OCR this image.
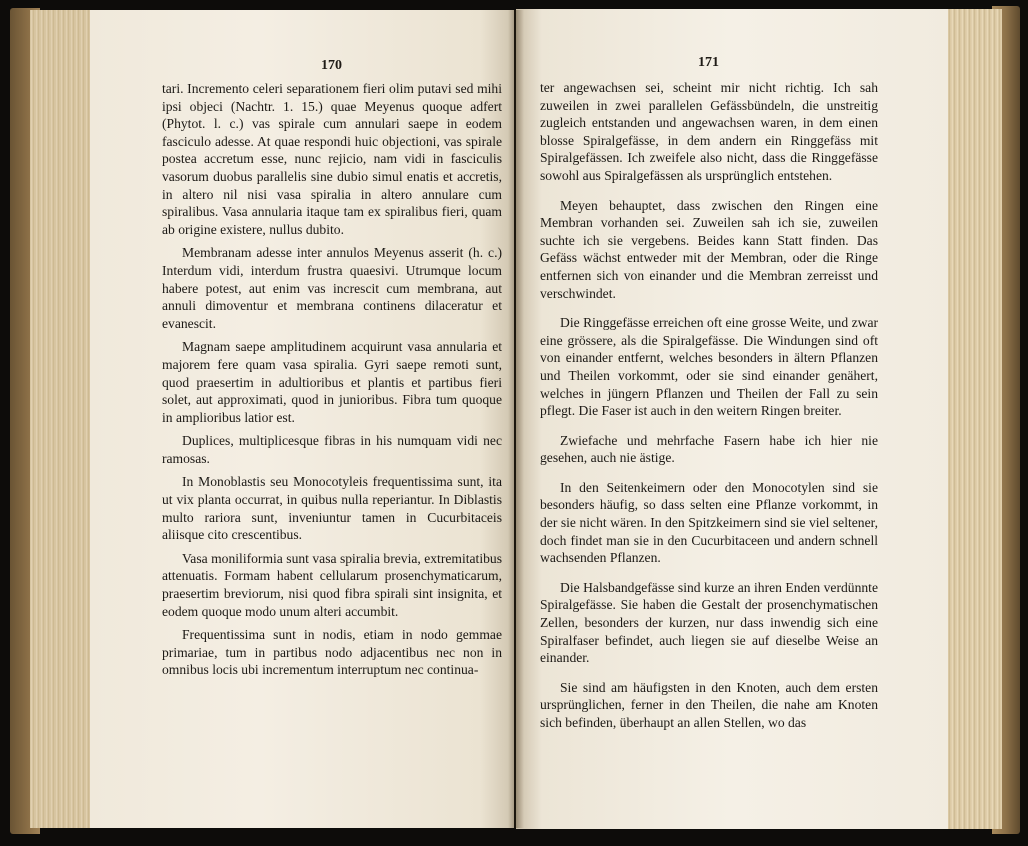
170

tari. Incremento celeri separationem fieri olim putavi sed mihi ipsi objeci (Nachtr. 1. 15.) quae Meyenus quoque adfert (Phytot. l. c.) vas spirale cum annulari saepe in eodem fasciculo adesse. At quae respondi huic objectioni, vas spirale postea accretum esse, nunc rejicio, nam vidi in fasciculis vasorum duobus parallelis sine dubio simul enatis et accretis, in altero nil nisi vasa spiralia in altero annulare cum spiralibus. Vasa annularia itaque tam ex spiralibus fieri, quam ab origine existere, nullus dubito.

Membranam adesse inter annulos Meyenus asserit (h. c.) Interdum vidi, interdum frustra quaesivi. Utrumque locum habere potest, aut enim vas increscit cum membrana, aut annuli dimoventur et membrana continens dilaceratur et evanescit.

Magnam saepe amplitudinem acquirunt vasa annularia et majorem fere quam vasa spiralia. Gyri saepe remoti sunt, quod praesertim in adultioribus et plantis et partibus fieri solet, aut approximati, quod in junioribus. Fibra tum quoque in amplioribus latior est.

Duplices, multiplicesque fibras in his numquam vidi nec ramosas.

In Monoblastis seu Monocotyleis frequentissima sunt, ita ut vix planta occurrat, in quibus nulla reperiantur. In Diblastis multo rariora sunt, inveniuntur tamen in Cucurbitaceis aliisque cito crescentibus.

Vasa moniliformia sunt vasa spiralia brevia, extremitatibus attenuatis. Formam habent cellularum prosenchymaticarum, praesertim breviorum, nisi quod fibra spirali sint insignita, et eodem quoque modo unum alteri accumbit.

Frequentissima sunt in nodis, etiam in nodo gemmae primariae, tum in partibus nodo adjacentibus nec non in omnibus locis ubi incrementum interruptum nec continua-

171

ter angewachsen sei, scheint mir nicht richtig. Ich sah zuweilen in zwei parallelen Gefässbündeln, die unstreitig zugleich entstanden und angewachsen waren, in dem einen blosse Spiralgefässe, in dem andern ein Ringgefäss mit Spiralgefässen. Ich zweifele also nicht, dass die Ringgefässe sowohl aus Spiralgefässen als ursprünglich entstehen.

Meyen behauptet, dass zwischen den Ringen eine Membran vorhanden sei. Zuweilen sah ich sie, zuweilen suchte ich sie vergebens. Beides kann Statt finden. Das Gefäss wächst entweder mit der Membran, oder die Ringe entfernen sich von einander und die Membran zerreisst und verschwindet.

Die Ringgefässe erreichen oft eine grosse Weite, und zwar eine grössere, als die Spiralgefässe. Die Windungen sind oft von einander entfernt, welches besonders in ältern Pflanzen und Theilen vorkommt, oder sie sind einander genähert, welches in jüngern Pflanzen und Theilen der Fall zu sein pflegt. Die Faser ist auch in den weitern Ringen breiter.

Zwiefache und mehrfache Fasern habe ich hier nie gesehen, auch nie ästige.

In den Seitenkeimern oder den Monocotylen sind sie besonders häufig, so dass selten eine Pflanze vorkommt, in der sie nicht wären. In den Spitzkeimern sind sie viel seltener, doch findet man sie in den Cucurbitaceen und andern schnell wachsenden Pflanzen.

Die Halsbandgefässe sind kurze an ihren Enden verdünnte Spiralgefässe. Sie haben die Gestalt der prosenchymatischen Zellen, besonders der kurzen, nur dass inwendig sich eine Spiralfaser befindet, auch liegen sie auf dieselbe Weise an einander.

Sie sind am häufigsten in den Knoten, auch dem ersten ursprünglichen, ferner in den Theilen, die nahe am Knoten sich befinden, überhaupt an allen Stellen, wo das
